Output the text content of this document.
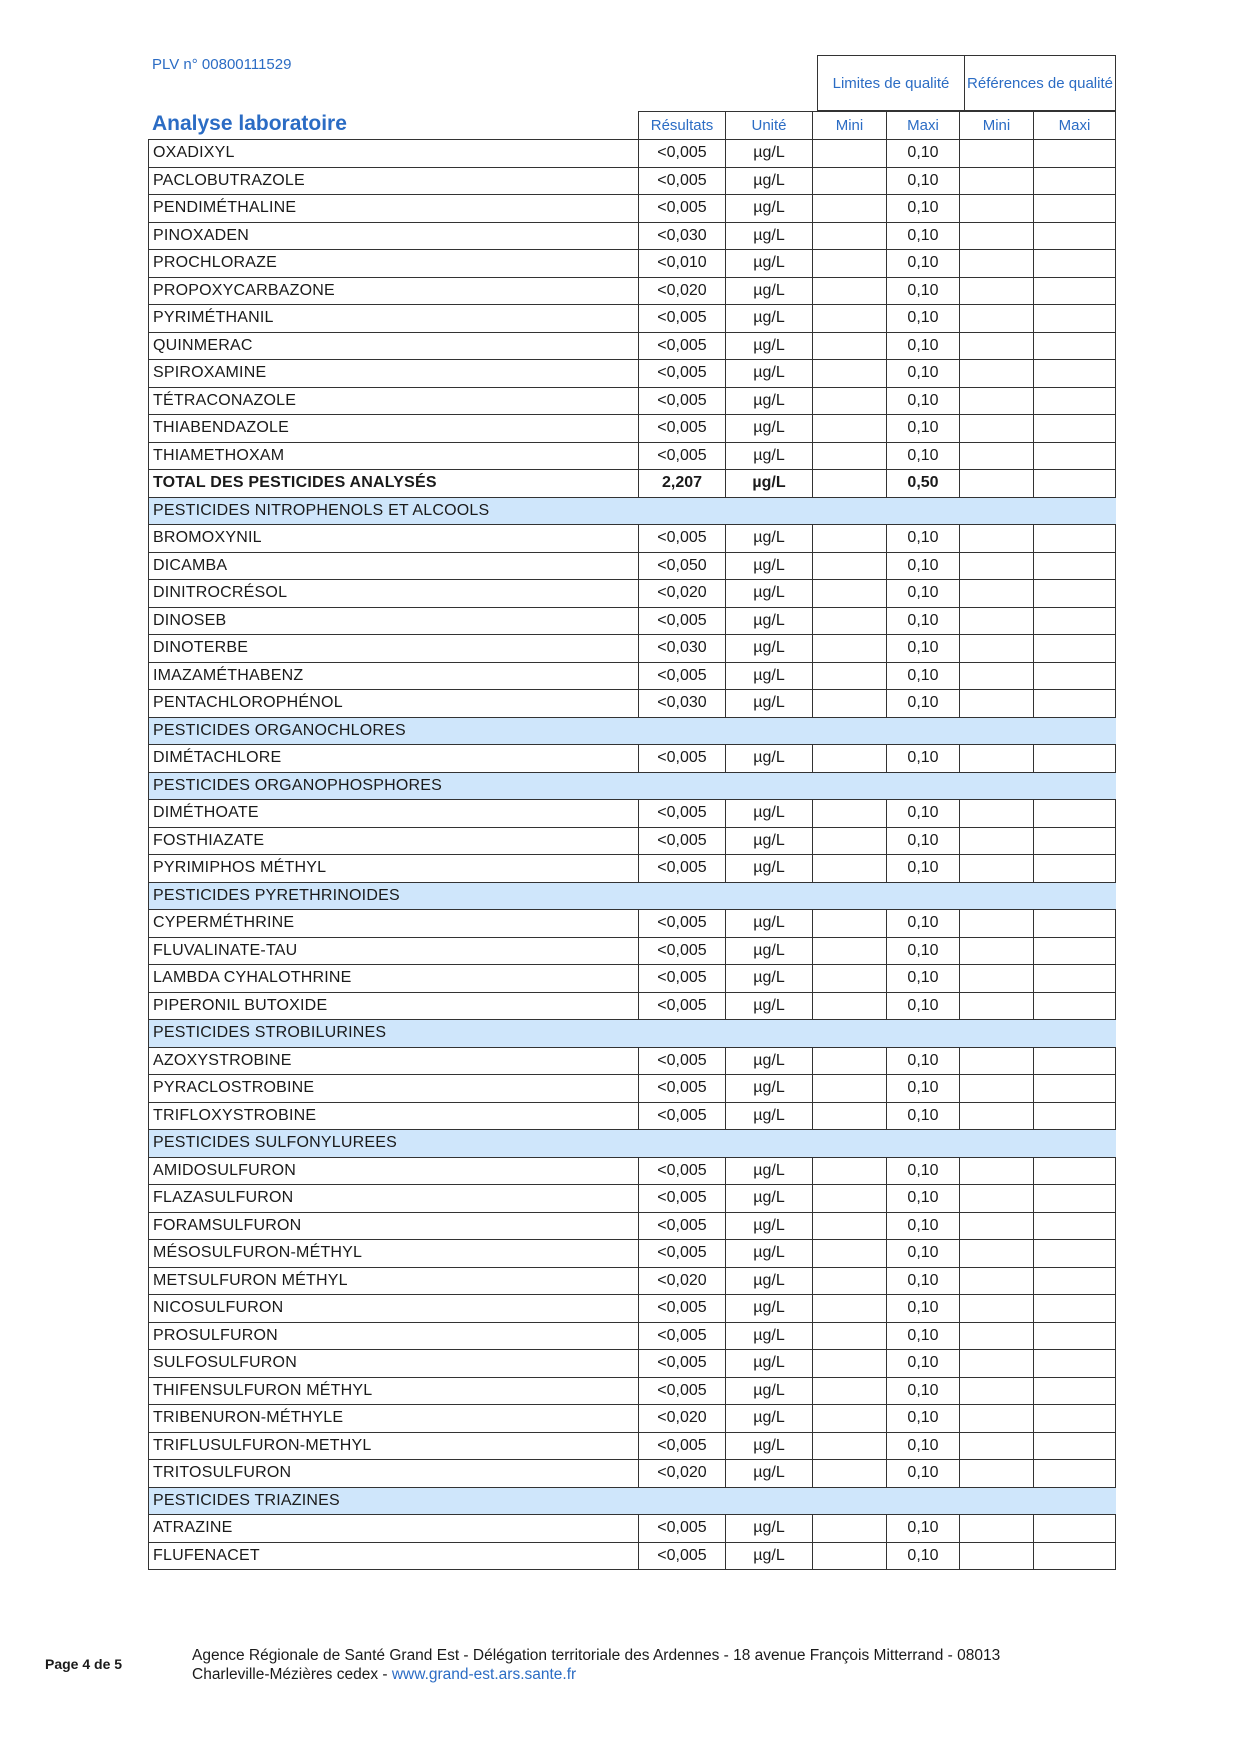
PLV n° 00800111529
Limites de qualité	Références de qualité
Analyse laboratoire
		Résultats	Unité	Mini	Maxi	Mini	Maxi
OXADIXYL	<0,005	µg/L		0,10		
PACLOBUTRAZOLE	<0,005	µg/L		0,10		
PENDIMÉTHALINE	<0,005	µg/L		0,10		
PINOXADEN	<0,030	µg/L		0,10		
PROCHLORAZE	<0,010	µg/L		0,10		
PROPOXYCARBAZONE	<0,020	µg/L		0,10		
PYRIMÉTHANIL	<0,005	µg/L		0,10		
QUINMERAC	<0,005	µg/L		0,10		
SPIROXAMINE	<0,005	µg/L		0,10		
TÉTRACONAZOLE	<0,005	µg/L		0,10		
THIABENDAZOLE	<0,005	µg/L		0,10		
THIAMETHOXAM	<0,005	µg/L		0,10		
TOTAL DES PESTICIDES ANALYSÉS	2,207	µg/L		0,50		
PESTICIDES NITROPHENOLS ET ALCOOLS						
BROMOXYNIL	<0,005	µg/L		0,10		
DICAMBA	<0,050	µg/L		0,10		
DINITROCRÉSOL	<0,020	µg/L		0,10		
DINOSEB	<0,005	µg/L		0,10		
DINOTERBE	<0,030	µg/L		0,10		
IMAZAMÉTHABENZ	<0,005	µg/L		0,10		
PENTACHLOROPHÉNOL	<0,030	µg/L		0,10		
PESTICIDES ORGANOCHLORES						
DIMÉTACHLORE	<0,005	µg/L		0,10		
PESTICIDES ORGANOPHOSPHORES						
DIMÉTHOATE	<0,005	µg/L		0,10		
FOSTHIAZATE	<0,005	µg/L		0,10		
PYRIMIPHOS MÉTHYL	<0,005	µg/L		0,10		
PESTICIDES PYRETHRINOIDES						
CYPERMÉTHRINE	<0,005	µg/L		0,10		
FLUVALINATE-TAU	<0,005	µg/L		0,10		
LAMBDA CYHALOTHRINE	<0,005	µg/L		0,10		
PIPERONIL BUTOXIDE	<0,005	µg/L		0,10		
PESTICIDES STROBILURINES						
AZOXYSTROBINE	<0,005	µg/L		0,10		
PYRACLOSTROBINE	<0,005	µg/L		0,10		
TRIFLOXYSTROBINE	<0,005	µg/L		0,10		
PESTICIDES SULFONYLUREES						
AMIDOSULFURON	<0,005	µg/L		0,10		
FLAZASULFURON	<0,005	µg/L		0,10		
FORAMSULFURON	<0,005	µg/L		0,10		
MÉSOSULFURON-MÉTHYL	<0,005	µg/L		0,10		
METSULFURON MÉTHYL	<0,020	µg/L		0,10		
NICOSULFURON	<0,005	µg/L		0,10		
PROSULFURON	<0,005	µg/L		0,10		
SULFOSULFURON	<0,005	µg/L		0,10		
THIFENSULFURON MÉTHYL	<0,005	µg/L		0,10		
TRIBENURON-MÉTHYLE	<0,020	µg/L		0,10		
TRIFLUSULFURON-METHYL	<0,005	µg/L		0,10		
TRITOSULFURON	<0,020	µg/L		0,10		
PESTICIDES TRIAZINES						
ATRAZINE	<0,005	µg/L		0,10		
FLUFENACET	<0,005	µg/L		0,10		
Page 4 de 5	Agence Régionale de Santé Grand Est - Délégation territoriale des Ardennes - 18 avenue François Mitterrand - 08013
Charleville-Mézières cedex - www.grand-est.ars.sante.fr
